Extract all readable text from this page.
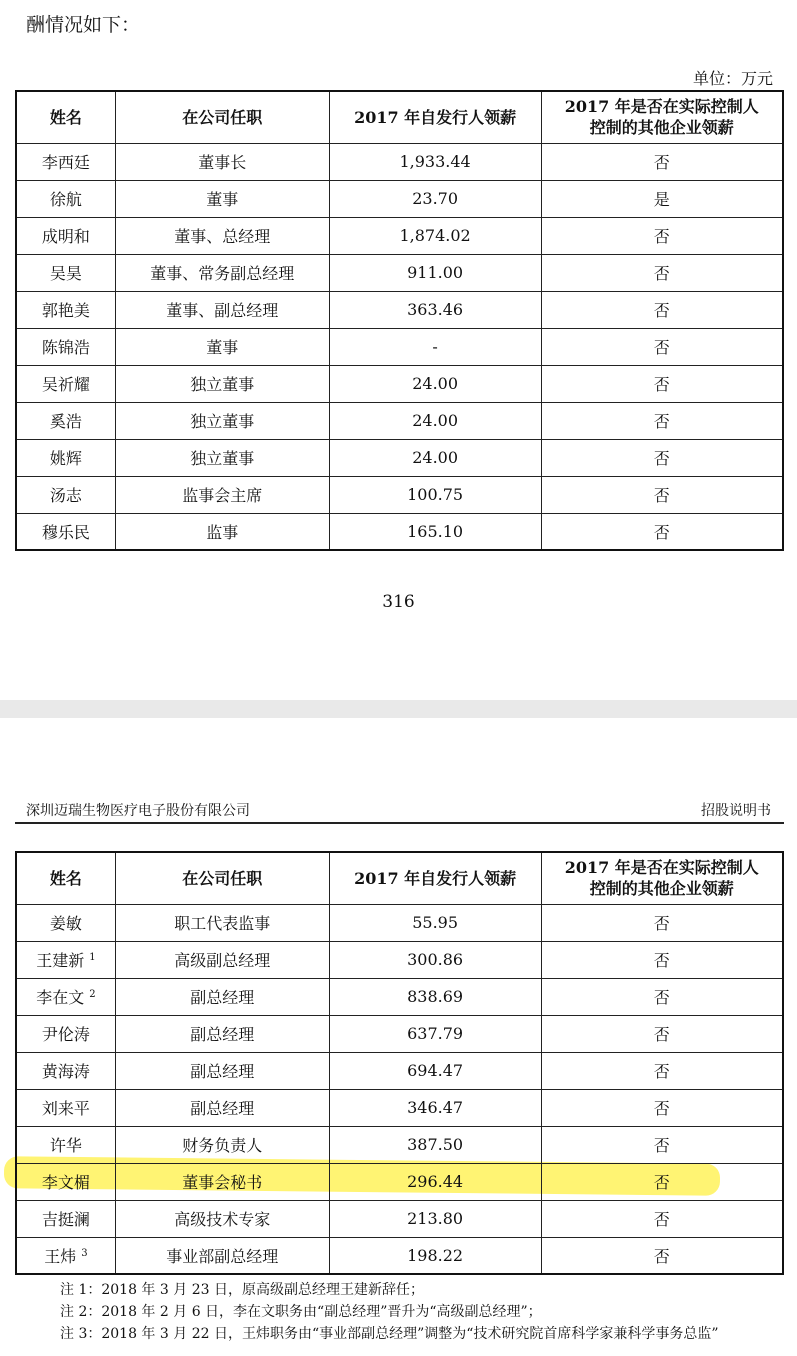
酬情况如下：
单位：万元
姓名	在公司任职	2017 年自发行人领薪	2017 年是否在实际控制人控制的其他企业领薪
李西廷	董事长	1,933.44	否
徐航	董事	23.70	是
成明和	董事、总经理	1,874.02	否
吴昊	董事、常务副总经理	911.00	否
郭艳美	董事、副总经理	363.46	否
陈锦浩	董事	-	否
吴祈耀	独立董事	24.00	否
奚浩	独立董事	24.00	否
姚辉	独立董事	24.00	否
汤志	监事会主席	100.75	否
穆乐民	监事	165.10	否
316
深圳迈瑞生物医疗电子股份有限公司	招股说明书
姓名	在公司任职	2017 年自发行人领薪	2017 年是否在实际控制人控制的其他企业领薪
姜敏	职工代表监事	55.95	否
王建新 $^1$	高级副总经理	300.86	否
李在文 $^2$	副总经理	838.69	否
尹伦涛	副总经理	637.79	否
黄海涛	副总经理	694.47	否
刘来平	副总经理	346.47	否
许华	财务负责人	387.50	否
李文楣	董事会秘书	296.44	否
吉挺澜	高级技术专家	213.80	否
王炜 $^3$	事业部副总经理	198.22	否
注 1：2018 年 3 月 23 日，原高级副总经理王建新辞任；
注 2：2018 年 2 月 6 日，李在文职务由“副总经理”晋升为“高级副总经理”；
注 3：2018 年 3 月 22 日，王炜职务由“事业部副总经理”调整为“技术研究院首席科学家兼科学事务总监”
